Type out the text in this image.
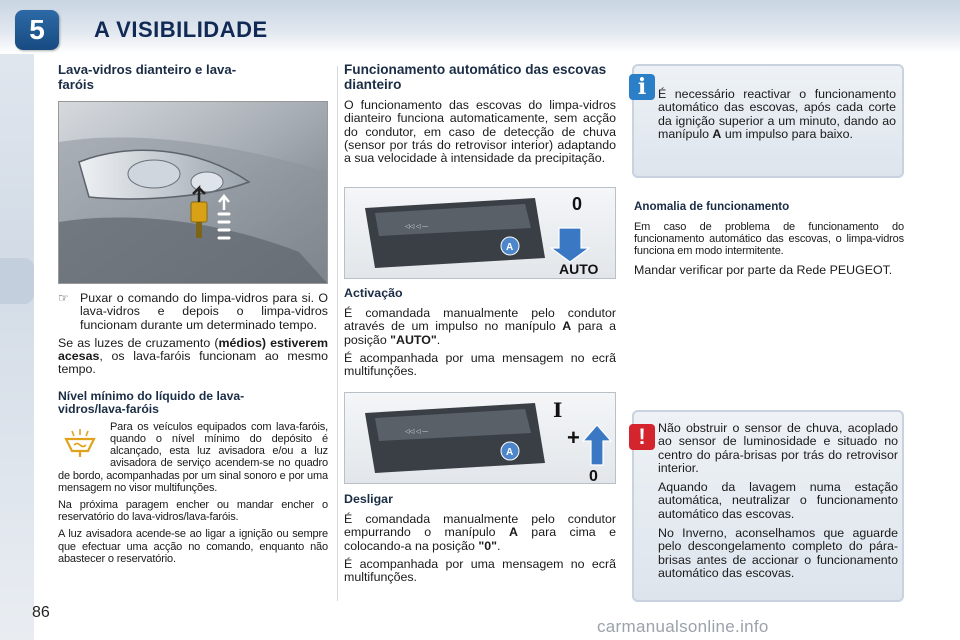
5	A VISIBILIDADE
Lava-vidros dianteiro e lava-faróis
☞ Puxar o comando do limpa-vidros para si. O lava-vidros e depois o limpa-vidros funcionam durante um determinado tempo.

Se as luzes de cruzamento (médios) estiverem acesas, os lava-faróis funcionam ao mesmo tempo.

Nível mínimo do líquido de lava-vidros/lava-faróis

Para os veículos equipados com lava-faróis, quando o nível mínimo do depósito é alcançado, esta luz avisadora e/ou a luz avisadora de serviço acendem-se no quadro de bordo, acompanhadas por um sinal sonoro e por uma mensagem no visor multifunções.

Na próxima paragem encher ou mandar encher o reservatório do lava-vidros/lava-faróis.

A luz avisadora acende-se ao ligar a ignição ou sempre que efectuar uma acção no comando, enquanto não abastecer o reservatório.

Funcionamento automático das escovas dianteiro

O funcionamento das escovas do limpa-vidros dianteiro funciona automaticamente, sem acção do condutor, em caso de detecção de chuva (sensor por trás do retrovisor interior) adaptando a sua velocidade à intensidade da precipitação.

◁◁ ◁ —
A
0
AUTO
Activação

É comandada manualmente pelo condutor através de um impulso no manípulo A para a posição "AUTO".

É acompanhada por uma mensagem no ecrã multifunções.

◁◁ ◁ —
A
I
+
0
Desligar

É comandada manualmente pelo condutor empurrando o manípulo A para cima e colocando-a na posição "0".

É acompanhada por uma mensagem no ecrã multifunções.

É necessário reactivar o funcionamento automático das escovas, após cada corte da ignição superior a um minuto, dando ao manípulo A um impulso para baixo.

i
Anomalia de funcionamento

Em caso de problema de funcionamento do funcionamento automático das escovas, o limpa-vidros funciona em modo intermitente.

Mandar verificar por parte da Rede PEUGEOT.

Não obstruir o sensor de chuva, acoplado ao sensor de luminosidade e situado no centro do pára-brisas por trás do retrovisor interior.

Aquando da lavagem numa estação automática, neutralizar o funcionamento automático das escovas.

No Inverno, aconselhamos que aguarde pelo descongelamento completo do pára-brisas antes de accionar o funcionamento automático das escovas.

!
86
carmanualsonline.info
